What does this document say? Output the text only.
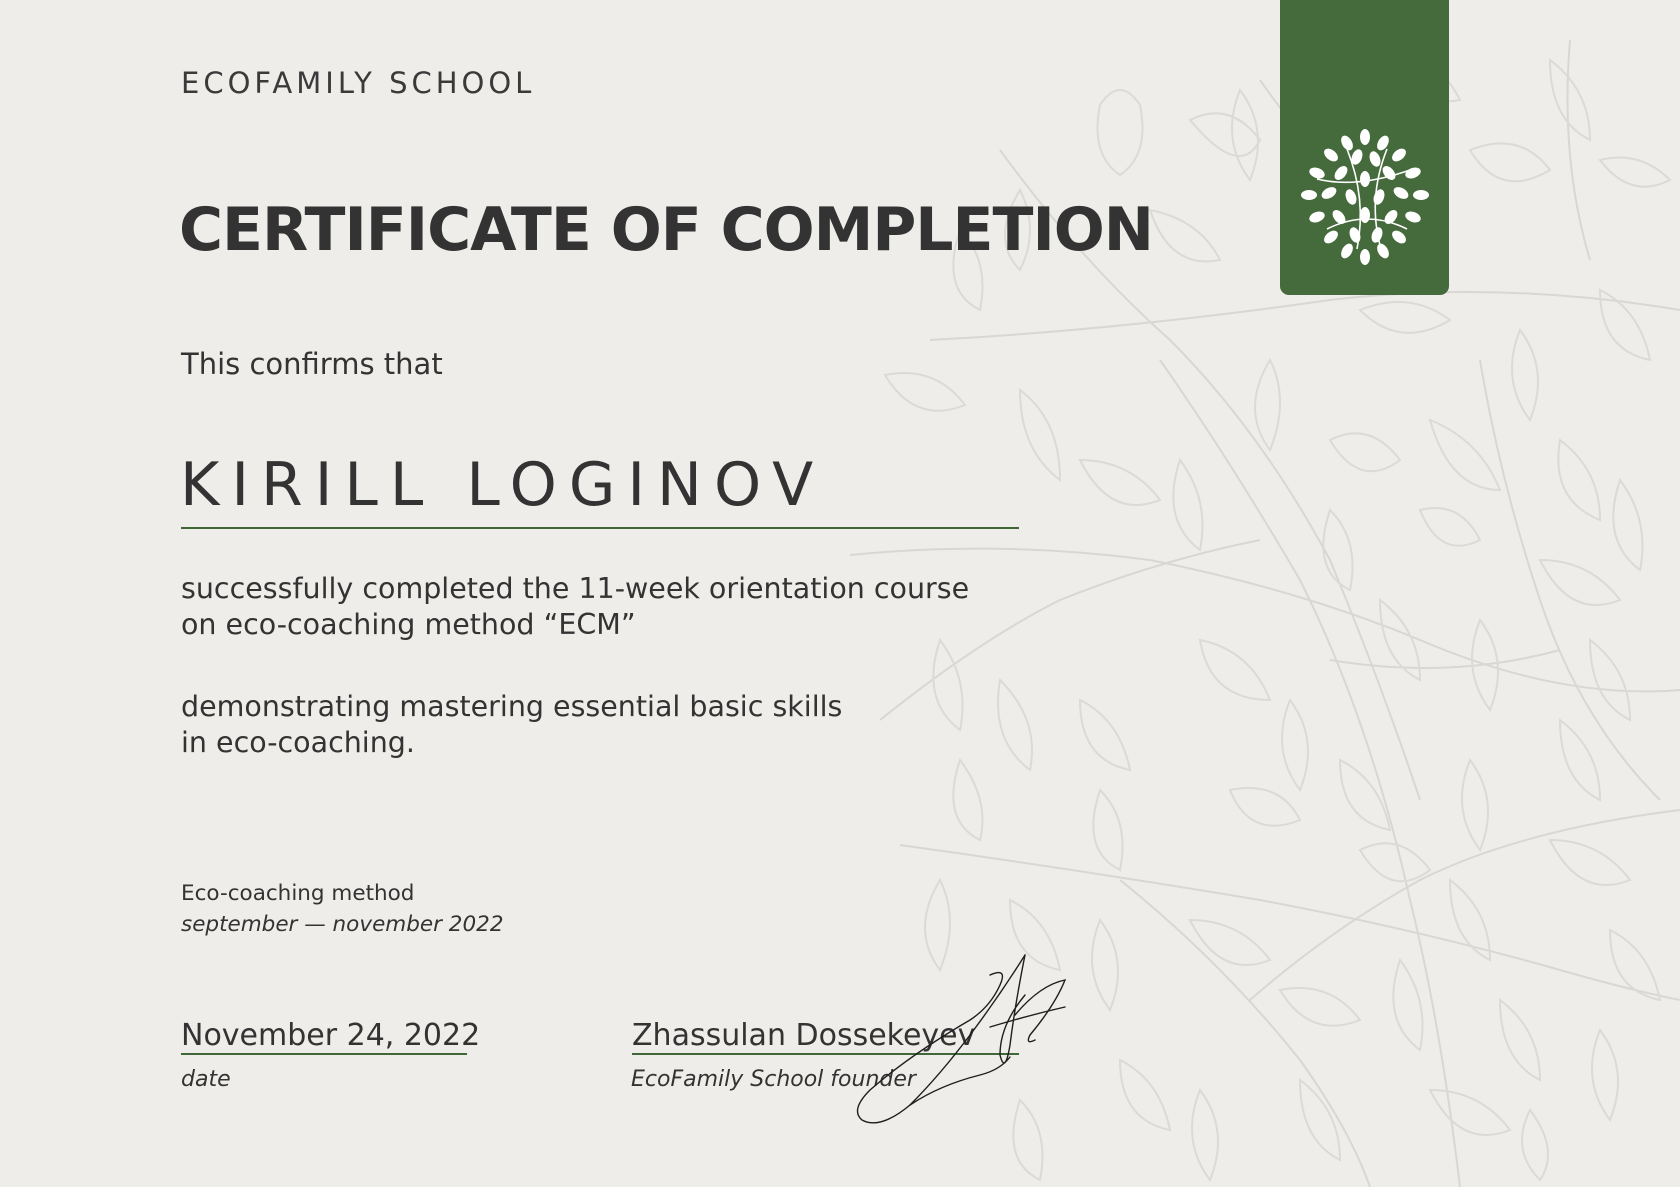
ECOFAMILY SCHOOL
CERTIFICATE OF COMPLETION
This confirms that
KIRILL LOGINOV
successfully completed the 11-week orientation course
on eco-coaching method “ECM”
demonstrating mastering essential basic skills
in eco-coaching.
Eco-coaching method
september — november 2022
November 24, 2022
date
Zhassulan Dossekeyev
EcoFamily School founder
